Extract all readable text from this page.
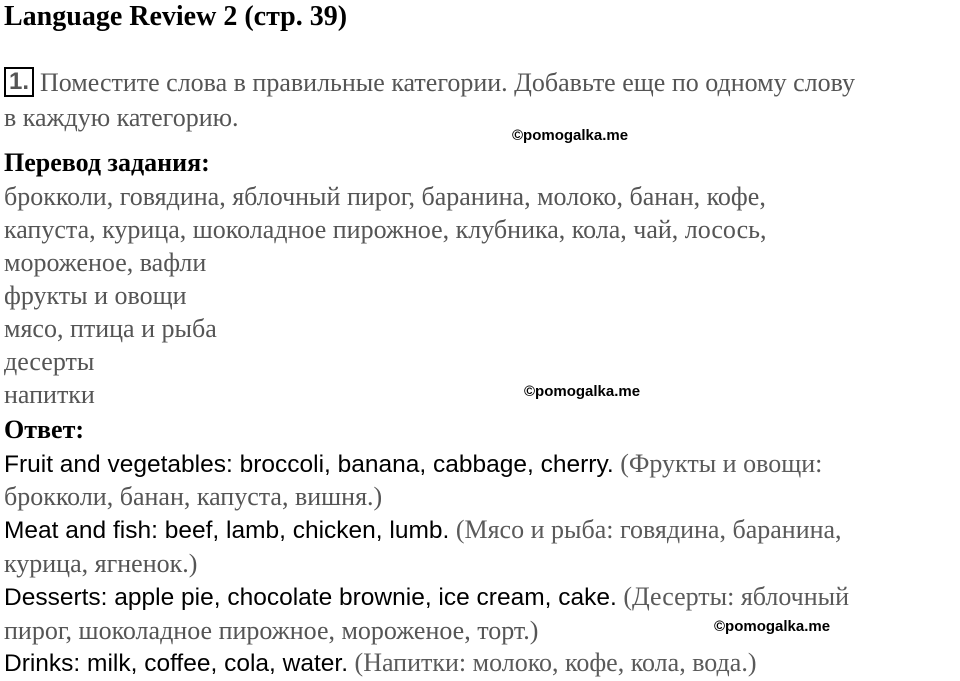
Language Review 2 (стр. 39)
1. Поместите слова в правильные категории. Добавьте еще по одному слову
в каждую категорию.
©pomogalka.me
Перевод задания:
брокколи, говядина, яблочный пирог, баранина, молоко, банан, кофе,
капуста, курица, шоколадное пирожное, клубника, кола, чай, лосось,
мороженое, вафли
фрукты и овощи
мясо, птица и рыба
десерты
напитки	©pomogalka.me
Ответ:
Fruit and vegetables: broccoli, banana, cabbage, cherry. (Фрукты и овощи:
брокколи, банан, капуста, вишня.)
Meat and fish: beef, lamb, chicken, lumb. (Мясо и рыба: говядина, баранина,
курица, ягненок.)
Desserts: apple pie, chocolate brownie, ice cream, cake. (Десерты: яблочный
пирог, шоколадное пирожное, мороженое, торт.)	©pomogalka.me
Drinks: milk, coffee, cola, water. (Напитки: молоко, кофе, кола, вода.)
